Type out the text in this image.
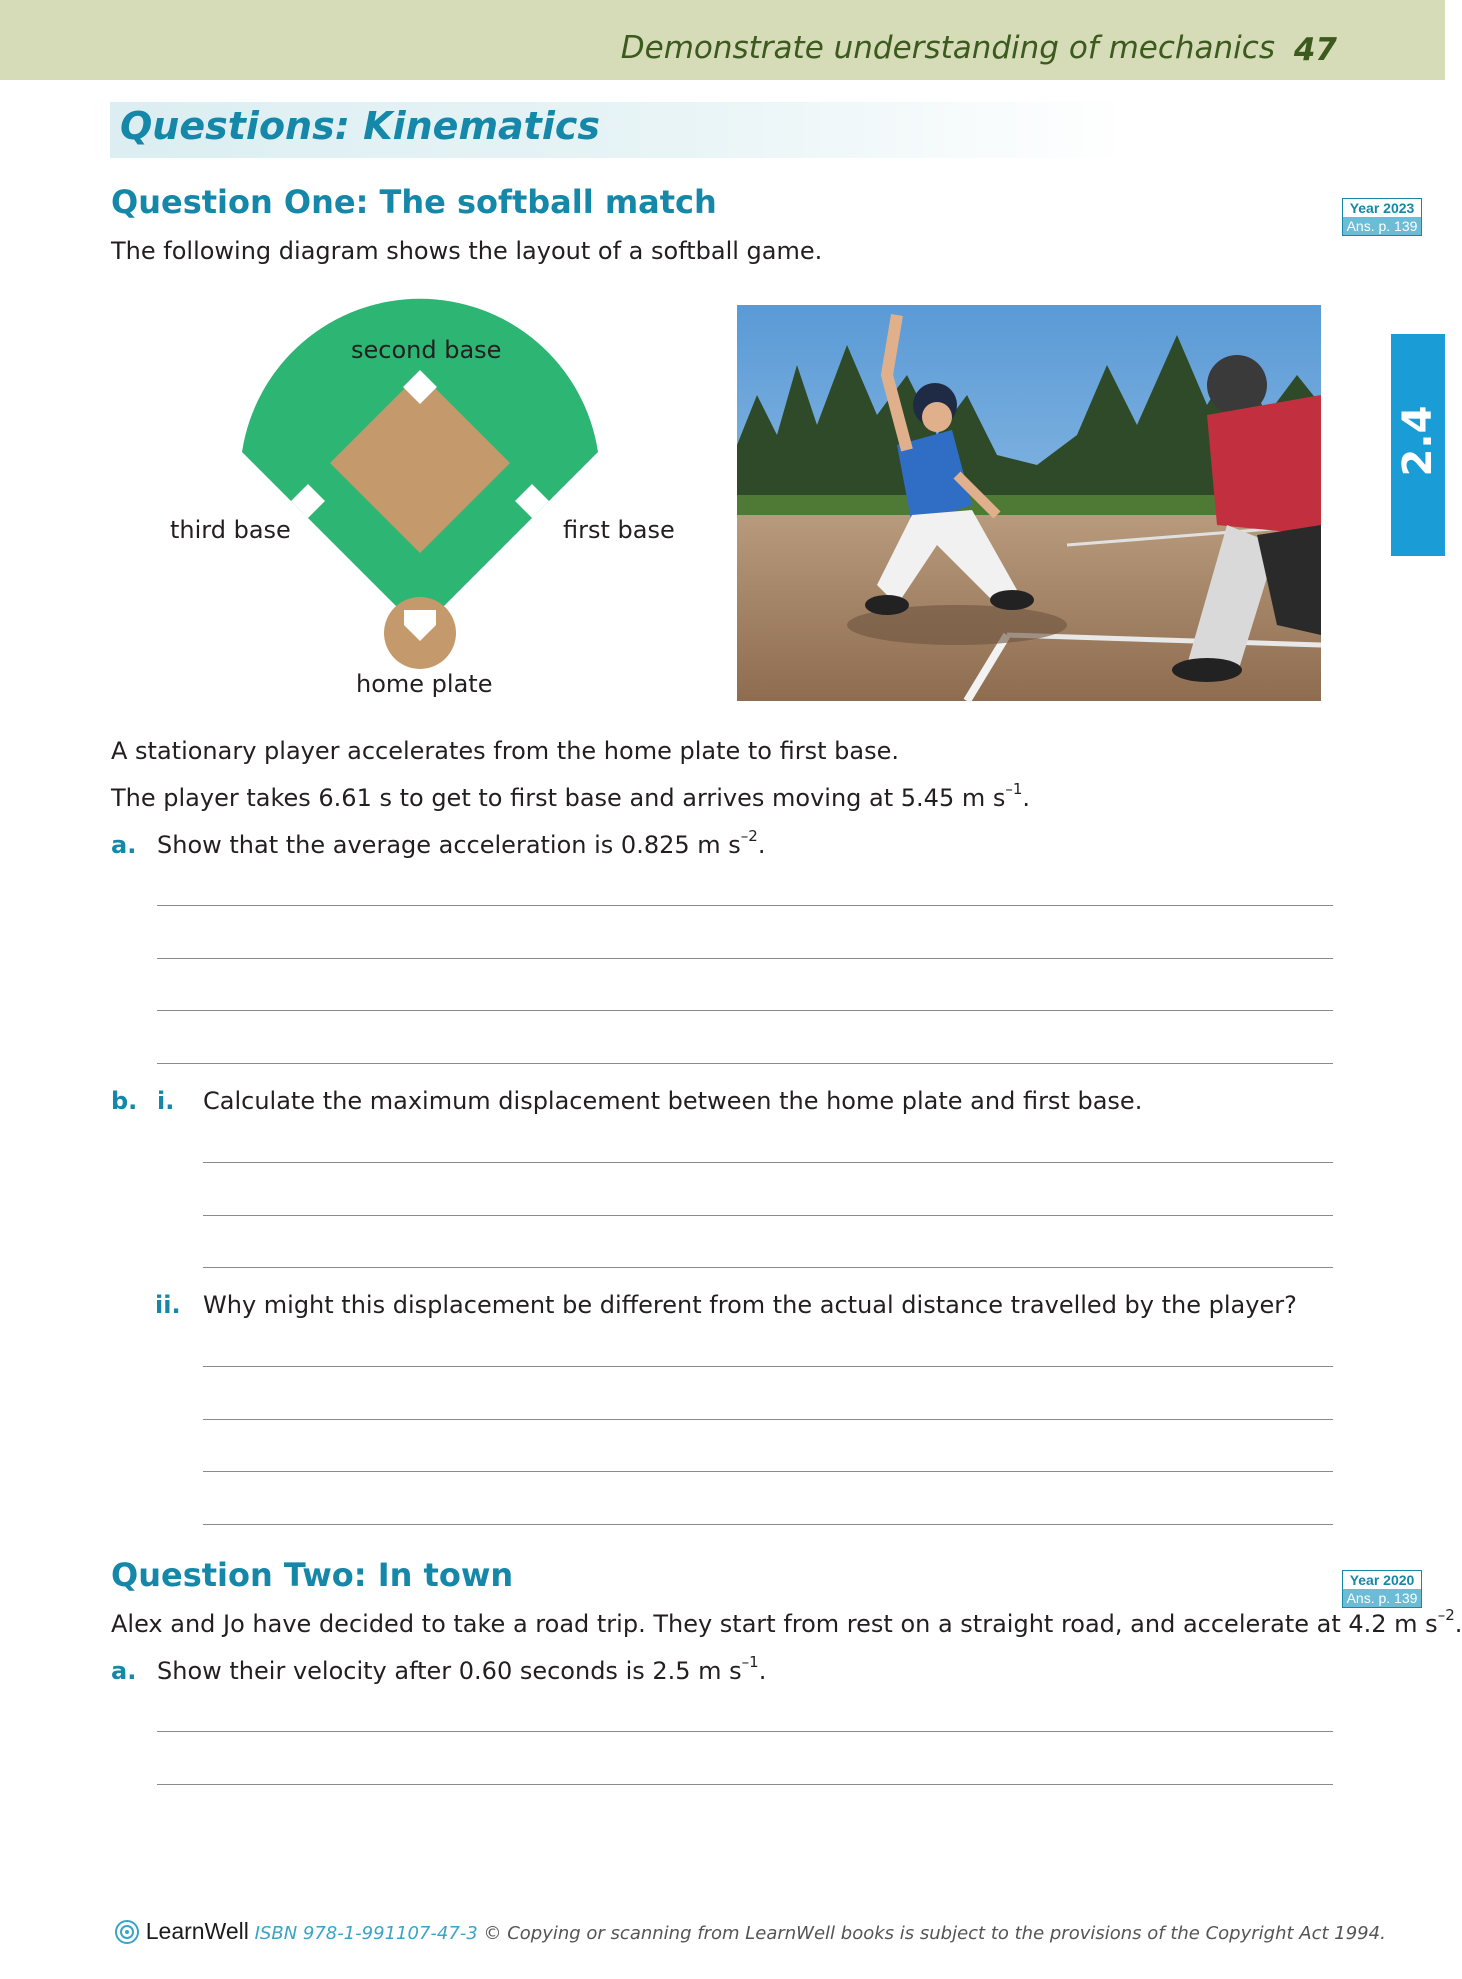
Demonstrate understanding of mechanics 47
Questions: Kinematics
2.4
Question One: The softball match	Year 2023
Ans. p. 139
The following diagram shows the layout of a softball game.
second base
third base	first base
home plate
A stationary player accelerates from the home plate to first base.
The player takes 6.61 s to get to first base and arrives moving at 5.45 m $s^{-1}$.
a. Show that the average acceleration is 0.825 m $s^{-2}$.
b. i. Calculate the maximum displacement between the home plate and first base.
ii. Why might this displacement be different from the actual distance travelled by the player?
Question Two: In town	Year 2020
Ans. p. 139
Alex and Jo have decided to take a road trip. They start from rest on a straight road, and accelerate at 4.2 m $s^{-2}$.
a. Show their velocity after 0.60 seconds is 2.5 m $s^{-1}$.
LearnWell ISBN 978-1-991107-47-3 © Copying or scanning from LearnWell books is subject to the provisions of the Copyright Act 1994.
